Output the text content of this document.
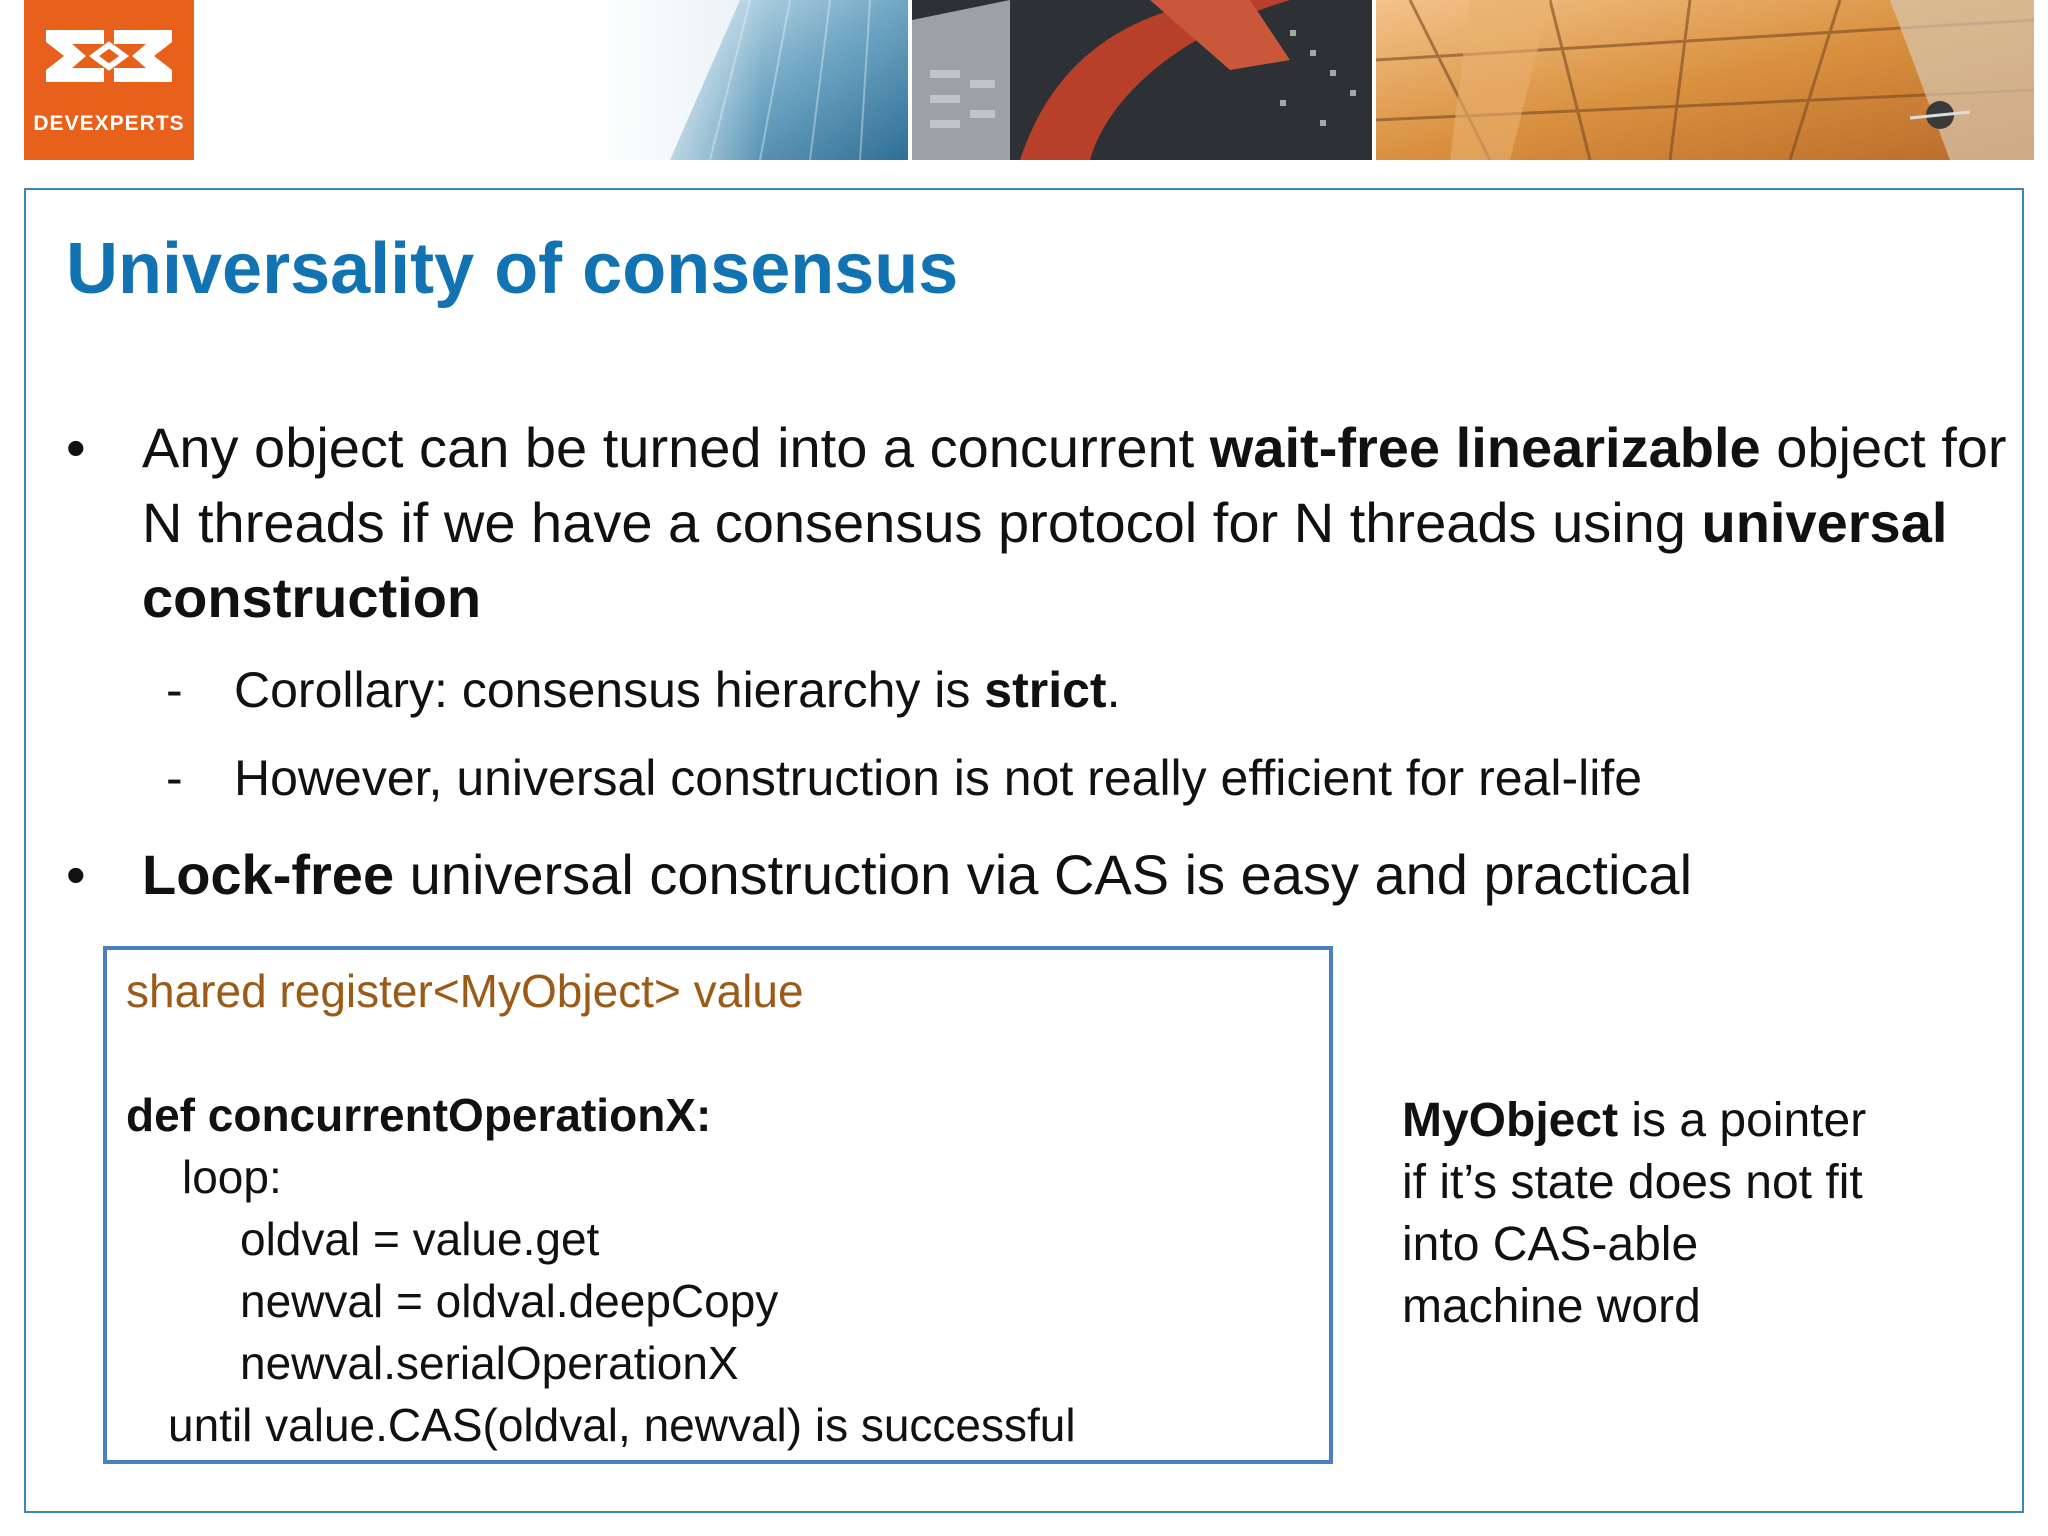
DEVEXPERTS
Universality of consensus
• Any object can be turned into a concurrent wait-free linearizable object for N threads if we have a consensus protocol for N threads using universal construction
- Corollary: consensus hierarchy is strict.
- However, universal construction is not really efficient for real-life
• Lock-free universal construction via CAS is easy and practical
shared register<MyObject> value
def concurrentOperationX:
loop:
oldval = value.get
newval = oldval.deepCopy
newval.serialOperationX
until value.CAS(oldval, newval) is successful
MyObject is a pointer
if it’s state does not fit
into CAS-able
machine word
